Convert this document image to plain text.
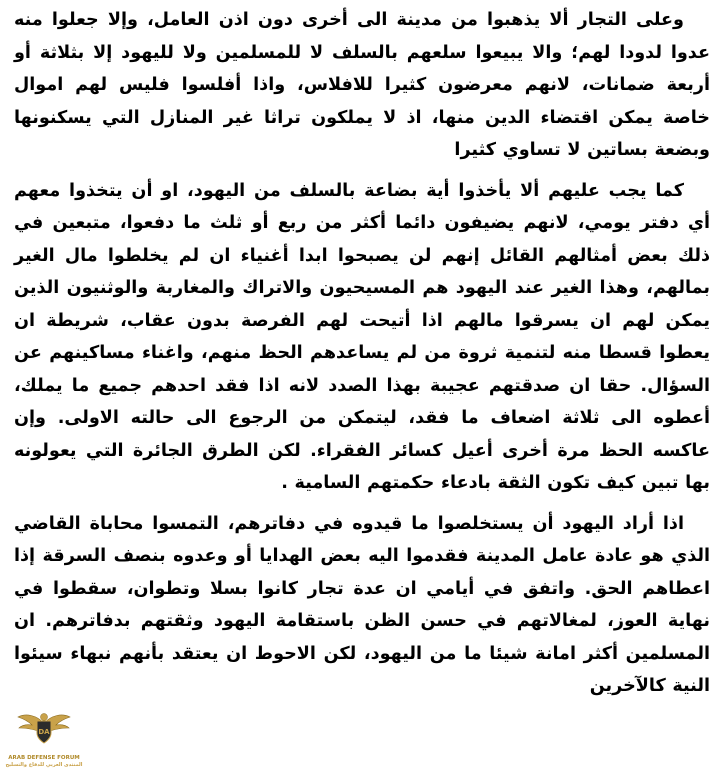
وعلى التجار ألا يذهبوا من مدينة الى أخرى دون اذن العامل، وإلا جعلوا منه عدوا لدودا لهم؛ والا يبيعوا سلعهم بالسلف لا للمسلمين ولا لليهود إلا بثلاثة أو أربعة ضمانات، لانهم معرضون كثيرا للافلاس، واذا أفلسوا فليس لهم اموال خاصة يمكن اقتضاء الدين منها، اذ لا يملكون تراثا غير المنازل التي يسكنونها وبضعة بساتين لا تساوي كثيرا

كما يجب عليهم ألا يأخذوا أية بضاعة بالسلف من اليهود، او أن يتخذوا معهم أي دفتر يومي، لانهم يضيفون دائما أكثر من ربع أو ثلث ما دفعوا، متبعين في ذلك بعض أمثالهم القائل إنهم لن يصبحوا ابدا أغنياء ان لم يخلطوا مال الغير بمالهم، وهذا الغير عند اليهود هم المسيحيون والاتراك والمغاربة والوثنيون الذين يمكن لهم ان يسرقوا مالهم اذا أتيحت لهم الفرصة بدون عقاب، شريطة ان يعطوا قسطا منه لتنمية ثروة من لم يساعدهم الحظ منهم، واغناء مساكينهم عن السؤال. حقا ان صدقتهم عجيبة بهذا الصدد لانه اذا فقد احدهم جميع ما يملك، أعطوه الى ثلاثة اضعاف ما فقد، ليتمكن من الرجوع الى حالته الاولى. وإن عاكسه الحظ مرة أخرى أعيل كسائر الفقراء. لكن الطرق الجائرة التي يعولونه بها تبين كيف تكون الثقة بادعاء حكمتهم السامية .

اذا أراد اليهود أن يستخلصوا ما قيدوه في دفاترهم، التمسوا محاباة القاضي الذي هو عادة عامل المدينة فقدموا اليه بعض الهدايا أو وعدوه بنصف السرقة إذا اعطاهم الحق. واتفق في أيامي ان عدة تجار كانوا بسلا وتطوان، سقطوا في نهاية العوز، لمغالاتهم في حسن الظن باستقامة اليهود وثقتهم بدفاترهم. ان المسلمين أكثر امانة شيئا ما من اليهود، لكن الاحوط ان يعتقد بأنهم نبهاء سيئوا النية كالآخرين

DA
ARAB DEFENSE FORUM
المنتدى العربي للدفاع والتسليح
